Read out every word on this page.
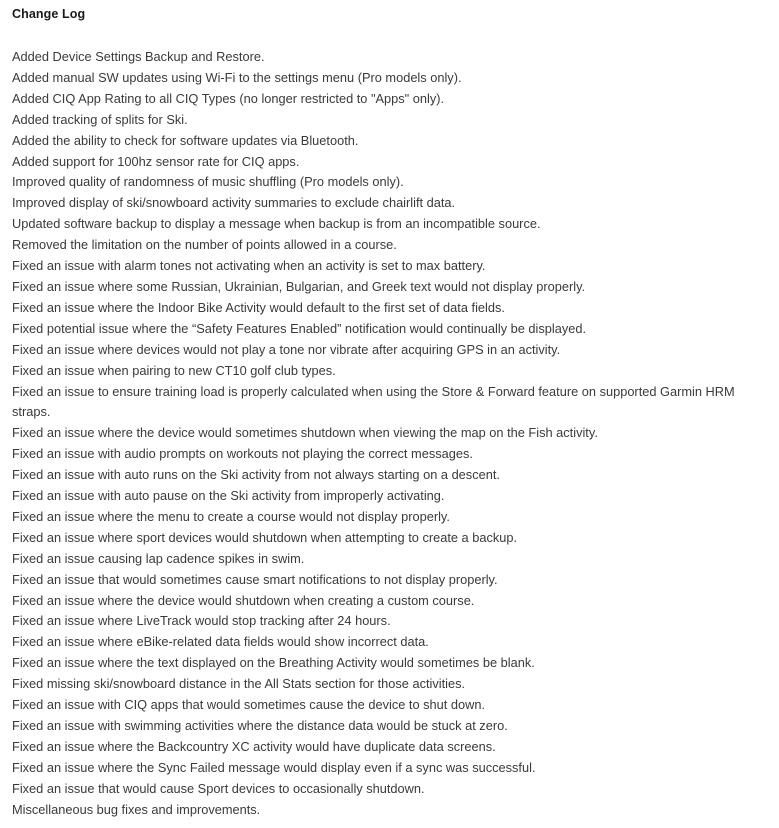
Change Log
Added Device Settings Backup and Restore.
Added manual SW updates using Wi-Fi to the settings menu (Pro models only).
Added CIQ App Rating to all CIQ Types (no longer restricted to "Apps" only).
Added tracking of splits for Ski.
Added the ability to check for software updates via Bluetooth.
Added support for 100hz sensor rate for CIQ apps.
Improved quality of randomness of music shuffling (Pro models only).
Improved display of ski/snowboard activity summaries to exclude chairlift data.
Updated software backup to display a message when backup is from an incompatible source.
Removed the limitation on the number of points allowed in a course.
Fixed an issue with alarm tones not activating when an activity is set to max battery.
Fixed an issue where some Russian, Ukrainian, Bulgarian, and Greek text would not display properly.
Fixed an issue where the Indoor Bike Activity would default to the first set of data fields.
Fixed potential issue where the “Safety Features Enabled” notification would continually be displayed.
Fixed an issue where devices would not play a tone nor vibrate after acquiring GPS in an activity.
Fixed an issue when pairing to new CT10 golf club types.
Fixed an issue to ensure training load is properly calculated when using the Store & Forward feature on supported Garmin HRM straps.
Fixed an issue where the device would sometimes shutdown when viewing the map on the Fish activity.
Fixed an issue with audio prompts on workouts not playing the correct messages.
Fixed an issue with auto runs on the Ski activity from not always starting on a descent.
Fixed an issue with auto pause on the Ski activity from improperly activating.
Fixed an issue where the menu to create a course would not display properly.
Fixed an issue where sport devices would shutdown when attempting to create a backup.
Fixed an issue causing lap cadence spikes in swim.
Fixed an issue that would sometimes cause smart notifications to not display properly.
Fixed an issue where the device would shutdown when creating a custom course.
Fixed an issue where LiveTrack would stop tracking after 24 hours.
Fixed an issue where eBike-related data fields would show incorrect data.
Fixed an issue where the text displayed on the Breathing Activity would sometimes be blank.
Fixed missing ski/snowboard distance in the All Stats section for those activities.
Fixed an issue with CIQ apps that would sometimes cause the device to shut down.
Fixed an issue with swimming activities where the distance data would be stuck at zero.
Fixed an issue where the Backcountry XC activity would have duplicate data screens.
Fixed an issue where the Sync Failed message would display even if a sync was successful.
Fixed an issue that would cause Sport devices to occasionally shutdown.
Miscellaneous bug fixes and improvements.
